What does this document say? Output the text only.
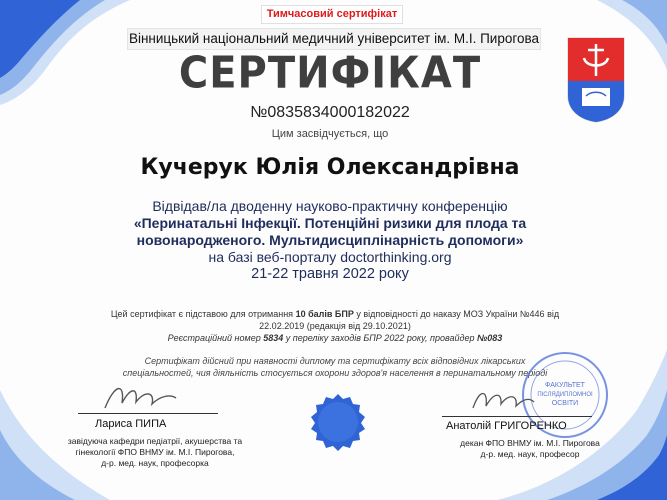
Тимчасовий сертифікат
Вінницький національний медичний університет ім. М.І. Пирогова
СЕРТИФІКАТ
№0835834000182022
Цим засвідчується, що
Кучерук Юлія Олександрівна
Відвідав/ла дводенну науково-практичну конференцію
«Перинатальні Інфекції. Потенційні ризики для плода та
новонародженого. Мультидисциплінарність допомоги»
на базі веб-порталу doctorthinking.org
21-22 травня 2022 року
Цей сертифікат є підставою для отримання 10 балів БПР у відповідності до наказу МОЗ України №446 від
22.02.2019 (редакція від 29.10.2021)
Реєстраційний номер 5834 у переліку заходів БПР 2022 року, провайдер №083
Сертифікат дійсний при наявності диплому та сертифікату всіх відповідних лікарських
спеціальностей, чия діяльність стосується охорони здоров'я населення в перинатальному періоді
ФАКУЛЬТЕТ
ПІСЛЯДИПЛОМНОЇ
ОСВІТИ
Лариса ПИПА
завідуюча кафедри педіатрії, акушерства та
гінекології ФПО ВНМУ ім. М.І. Пирогова,
д-р. мед. наук, професорка
Анатолій ГРИГОРЕНКО
декан ФПО ВНМУ ім. М.І. Пирогова
д-р. мед. наук, професор
